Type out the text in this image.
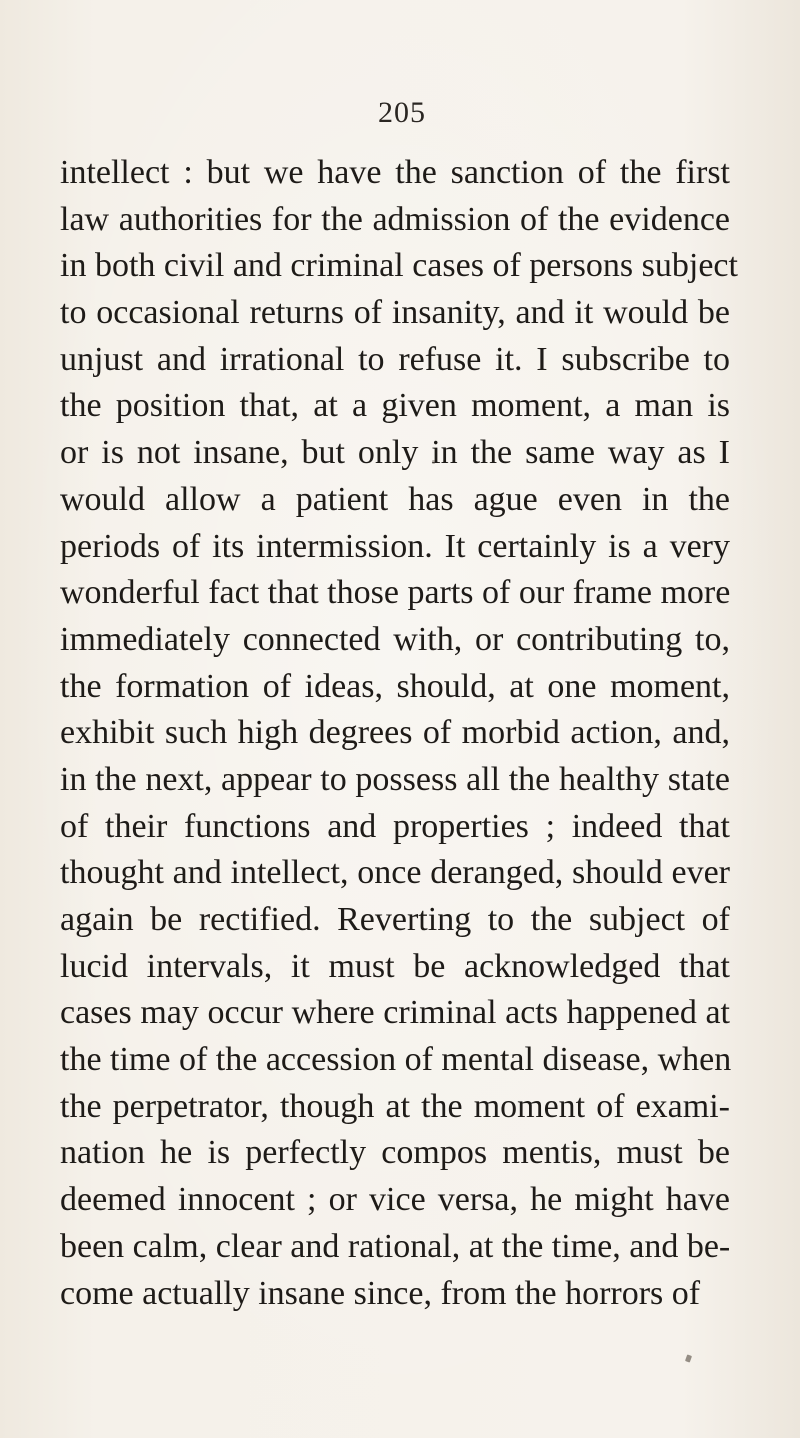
205
intellect : but we have the sanction of the first
law authorities for the admission of the evidence
in both civil and criminal cases of persons subject
to occasional returns of insanity, and it would be
unjust and irrational to refuse it. I subscribe to
the position that, at a given moment, a man is
or is not insane, but only in the same way as I
would allow a patient has ague even in the
periods of its intermission. It certainly is a very
wonderful fact that those parts of our frame more
immediately connected with, or contributing to,
the formation of ideas, should, at one moment,
exhibit such high degrees of morbid action, and,
in the next, appear to possess all the healthy state
of their functions and properties ; indeed that
thought and intellect, once deranged, should ever
again be rectified. Reverting to the subject of
lucid intervals, it must be acknowledged that
cases may occur where criminal acts happened at
the time of the accession of mental disease, when
the perpetrator, though at the moment of exami-
nation he is perfectly compos mentis, must be
deemed innocent ; or vice versa, he might have
been calm, clear and rational, at the time, and be-
come actually insane since, from the horrors of
